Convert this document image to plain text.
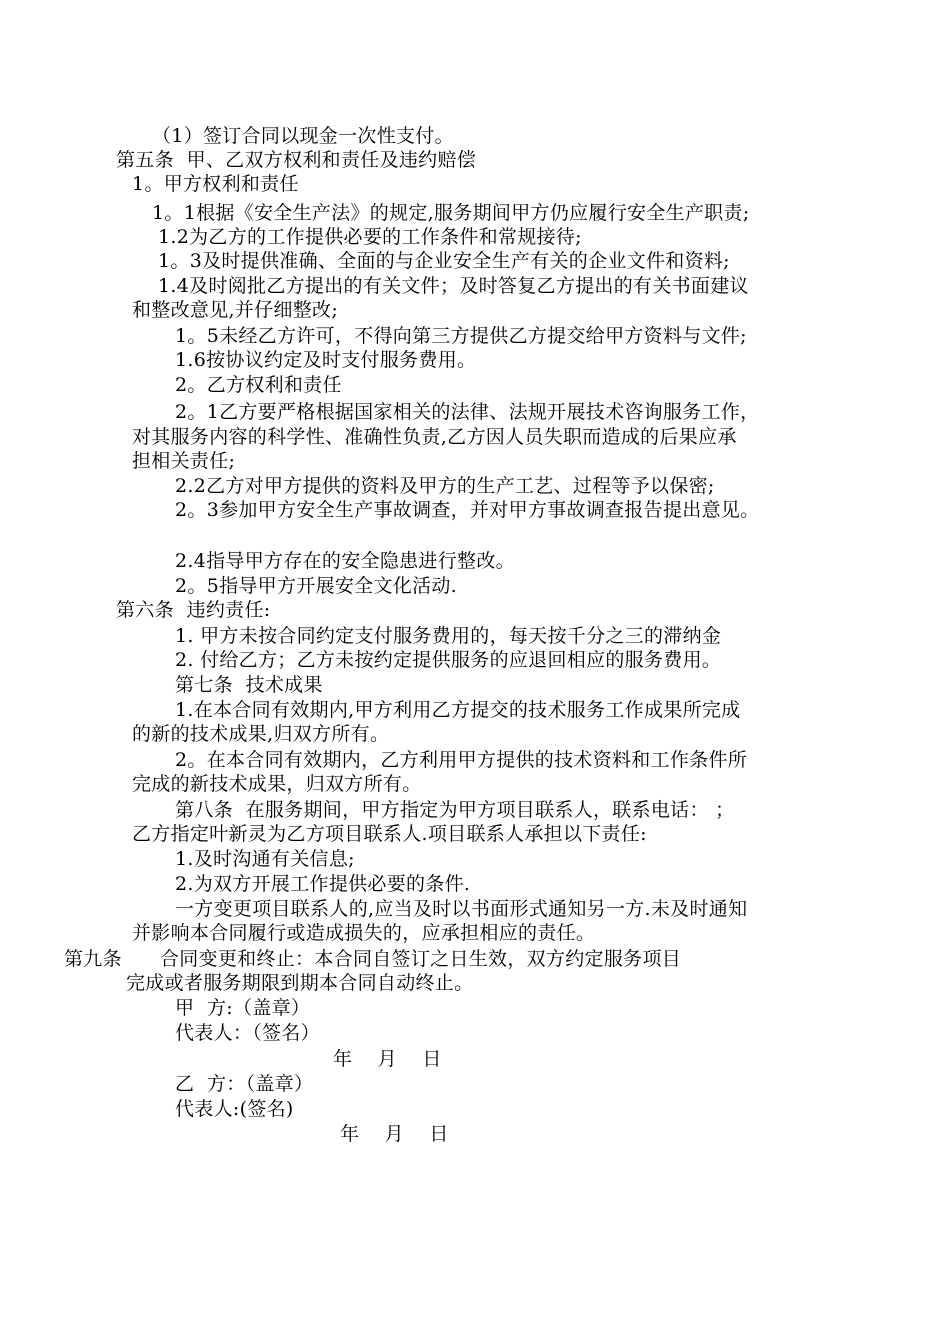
（1）签订合同以现金一次性支付。
第五条  甲、乙双方权利和责任及违约赔偿
1。甲方权利和责任
1。1根据《安全生产法》的规定,服务期间甲方仍应履行安全生产职责;
1.2为乙方的工作提供必要的工作条件和常规接待;
1。3及时提供准确、全面的与企业安全生产有关的企业文件和资料;
1.4及时阅批乙方提出的有关文件；及时答复乙方提出的有关书面建议
和整改意见,并仔细整改;
1。5未经乙方许可，不得向第三方提供乙方提交给甲方资料与文件;
1.6按协议约定及时支付服务费用。
2。乙方权利和责任
2。1乙方要严格根据国家相关的法律、法规开展技术咨询服务工作，
对其服务内容的科学性、准确性负责,乙方因人员失职而造成的后果应承
担相关责任;
2.2乙方对甲方提供的资料及甲方的生产工艺、过程等予以保密;
2。3参加甲方安全生产事故调查，并对甲方事故调查报告提出意见。
2.4指导甲方存在的安全隐患进行整改。
2。5指导甲方开展安全文化活动.
第六条  违约责任:
1. 甲方未按合同约定支付服务费用的，每天按千分之三的滞纳金
2. 付给乙方；乙方未按约定提供服务的应退回相应的服务费用。
第七条  技术成果
1.在本合同有效期内,甲方利用乙方提交的技术服务工作成果所完成
的新的技术成果,归双方所有。
2。在本合同有效期内，乙方利用甲方提供的技术资料和工作条件所
完成的新技术成果，归双方所有。
第八条  在服务期间，甲方指定为甲方项目联系人，联系电话： ；
乙方指定叶新灵为乙方项目联系人.项目联系人承担以下责任:
1.及时沟通有关信息;
2.为双方开展工作提供必要的条件.
一方变更项目联系人的,应当及时以书面形式通知另一方.未及时通知
并影响本合同履行或造成损失的，应承担相应的责任。
第九条      合同变更和终止：本合同自签订之日生效，双方约定服务项目
完成或者服务期限到期本合同自动终止。
甲  方:（盖章）
代表人：（签名）
年    月    日
乙  方：（盖章）
代表人:(签名)
年    月    日
